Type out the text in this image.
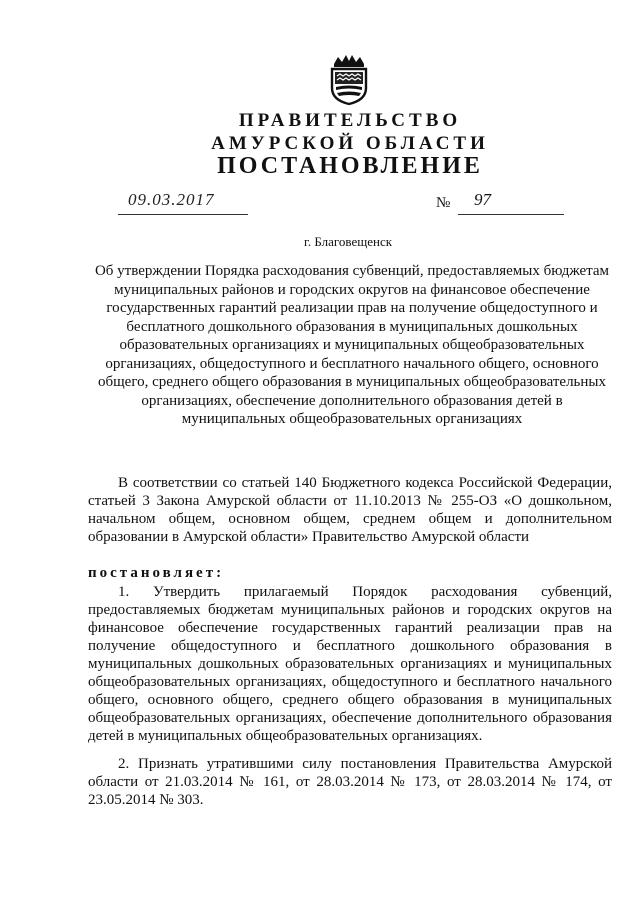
ПРАВИТЕЛЬСТВО
АМУРСКОЙ ОБЛАСТИ
ПОСТАНОВЛЕНИЕ
09.03.2017	№ 97
г. Благовещенск

Об утверждении Порядка расходования субвенций, предоставляемых бюджетам муниципальных районов и городских округов на финансовое обеспечение государственных гарантий реализации прав на получение общедоступного и бесплатного дошкольного образования в муниципальных дошкольных образовательных организациях и муниципальных общеобразовательных организациях, общедоступного и бесплатного начального общего, основного общего, среднего общего образования в муниципальных общеобразовательных организациях, обеспечение дополнительного образования детей в муниципальных общеобразовательных организациях

В соответствии со статьей 140 Бюджетного кодекса Российской Федерации, статьей 3 Закона Амурской области от 11.10.2013 № 255-ОЗ «О дошкольном, начальном общем, основном общем, среднем общем и дополнительном образовании в Амурской области» Правительство Амурской области

постановляет:

1. Утвердить прилагаемый Порядок расходования субвенций, предоставляемых бюджетам муниципальных районов и городских округов на финансовое обеспечение государственных гарантий реализации прав на получение общедоступного и бесплатного дошкольного образования в муниципальных дошкольных образовательных организациях и муниципальных общеобразовательных организациях, общедоступного и бесплатного начального общего, основного общего, среднего общего образования в муниципальных общеобразовательных организациях, обеспечение дополнительного образования детей в муниципальных общеобразовательных организациях.

2. Признать утратившими силу постановления Правительства Амурской области от 21.03.2014 № 161, от 28.03.2014 № 173, от 28.03.2014 № 174, от 23.05.2014 № 303.
